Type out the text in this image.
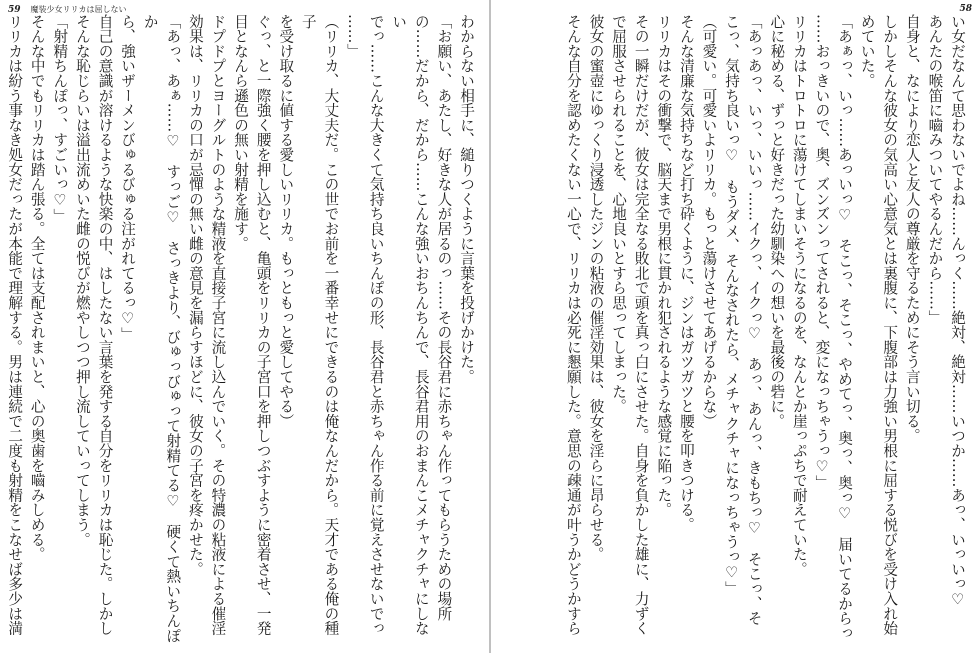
59 魔装少女リリカは屈しない
わからない相手に、縋りつくように言葉を投げかけた。
「お願い、あたし、好きな人が居るのっ……その長谷君に赤ちゃん作ってもらうための場所
の……だから、だから……こんな強いおちんちんで、長谷君用のおまんこメチャクチャにしない
でっ……こんな大きくて気持ち良いちんぽの形、長谷君と赤ちゃん作る前に覚えさせないでっ
……」
（リリカ、大丈夫だ。この世でお前を一番幸せにできるのは俺なんだから。天才である俺の種子
を受け取るに値する愛しいリリカ。もっともっと愛してやる）
ぐっ、と一際強く腰を押し込むと、亀頭をリリカの子宮口を押しつぶすように密着させ、一発
目となんら遜色の無い射精を施す。
ドプドプとヨーグルトのような精液を直接子宮に流し込んでいく。その特濃の粘液による催淫
効果は、リリカの口が忌憚の無い雌の意見を漏らすほどに、彼女の子宮を疼かせた。
「あっ、あぁ……♡　すっご♡　さっきより、びゅっびゅって射精てる♡　硬くて熱いちんぽか
ら、強いザーメンびゅるびゅる注がれてるっ♡」
自己の意識が溶けるような快楽の中、はしたない言葉を発する自分をリリカは恥じた。しかし
そんな恥じらいは溢出流めいた雌の悦びが燃やしつつ押し流していってしまう。
「射精ちんぽっ、すごいっ♡」
そんな中でもリリカは踏ん張る。全ては支配されまいと、心の奥歯を嚙みしめる。
リリカは紛う事なき処女だったが本能で理解する。男は連続で二度も射精をこなせば多少は満
58
い女だなんて思わないでよね……んっく……絶対、絶対……いつか……あっ、いっいっ♡
あんたの喉笛に嚙みついてやるんだから……」
自身と、なにより恋人と友人の尊厳を守るためにそう言い切る。
しかしそんな彼女の気高い心意気とは裏腹に、下腹部は力強い男根に屈する悦びを受け入れ始
めていた。
「あぁっ、いっ……あっいっ♡　そこっ、そこっ、やめてっ、奥っ、奥っ♡　届いてるからっ
……おっきいので、奥、ズンズンってされると、変になっちゃうっ♡」
リリカはトロトロに蕩けてしまいそうになるのを、なんとか崖っぷちで耐えていた。
心に秘める、ずっと好きだった幼馴染への想いを最後の砦に。
「あっあっ、いっ、いいっ……イクっ、イクっ♡　あっ、あんっ、きもちっ♡　そこっ、そ
こっ、気持ち良いっ♡　もうダメ、そんなされたら、メチャクチャになっちゃうっ♡」
（可愛い。可愛いよリリカ。もっと蕩けさせてあげるからな）
そんな清廉な気持ちなど打ち砕くように、ジンはガツガツと腰を叩きつける。
リリカはその衝撃で、脳天まで男根に貫かれ犯されるような感覚に陥った。
その一瞬だけだが、彼女は完全なる敗北で頭を真っ白にさせた。自身を負かした雄に、力ずく
で屈服させられることを、心地良いとすら思ってしまった。
彼女の蜜壺にゆっくり浸透したジンの粘液の催淫効果は、彼女を淫らに昂らせる。
そんな自分を認めたくない一心で、リリカは必死に懇願した。意思の疎通が叶うかどうかすら
